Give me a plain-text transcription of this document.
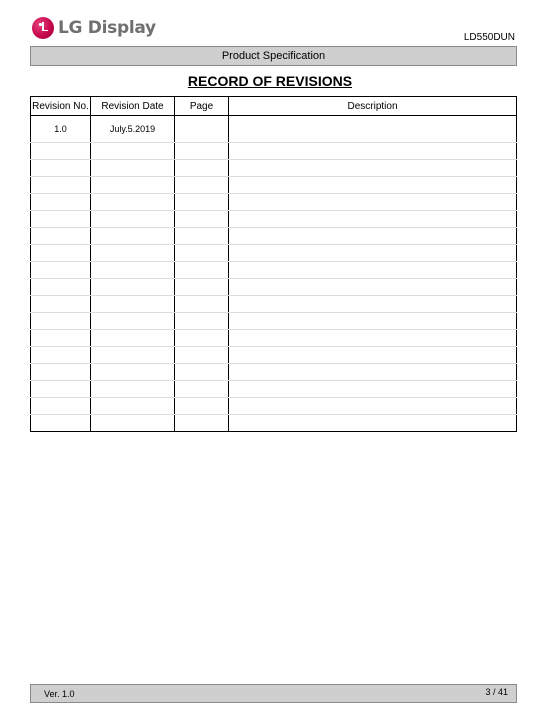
LG Display	LD550DUN
Product Specification
RECORD OF REVISIONS
Revision No.	Revision Date	Page	Description
1.0	July.5.2019		

Ver. 1.0	3 / 41
